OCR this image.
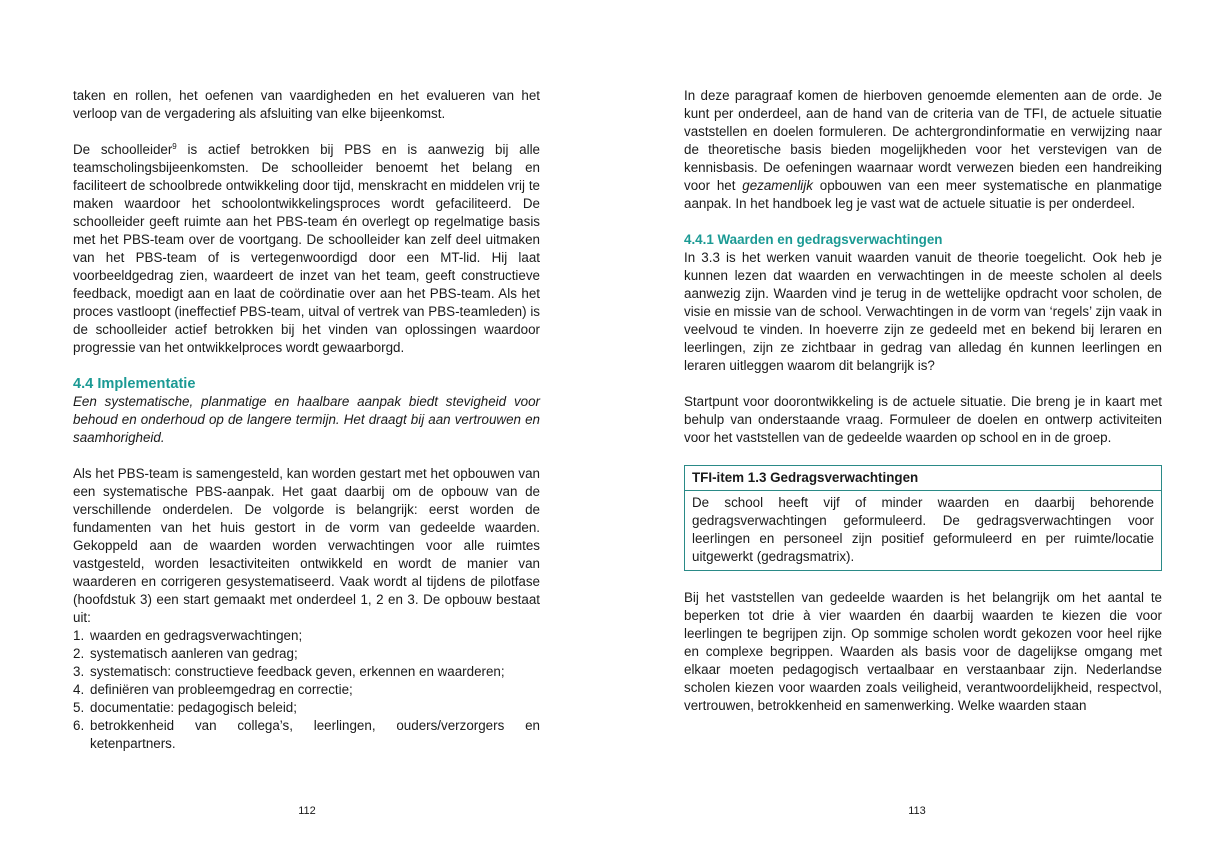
taken en rollen, het oefenen van vaardigheden en het evalueren van het verloop van de vergadering als afsluiting van elke bijeenkomst.

De schoolleider$^9$ is actief betrokken bij PBS en is aanwezig bij alle teamscholingsbijeenkomsten. De schoolleider benoemt het belang en faciliteert de schoolbrede ontwikkeling door tijd, menskracht en middelen vrij te maken waardoor het schoolontwikkelingsproces wordt gefaciliteerd. De schoolleider geeft ruimte aan het PBS-team én overlegt op regelmatige basis met het PBS-team over de voortgang. De schoolleider kan zelf deel uitmaken van het PBS-team of is vertegenwoordigd door een MT-lid. Hij laat voorbeeldgedrag zien, waardeert de inzet van het team, geeft constructieve feedback, moedigt aan en laat de coördinatie over aan het PBS-team. Als het proces vastloopt (ineffectief PBS-team, uitval of vertrek van PBS-teamleden) is de schoolleider actief betrokken bij het vinden van oplossingen waardoor progressie van het ontwikkelproces wordt gewaarborgd.

4.4 Implementatie

Een systematische, planmatige en haalbare aanpak biedt stevigheid voor behoud en onderhoud op de langere termijn. Het draagt bij aan vertrouwen en saamhorigheid.

Als het PBS-team is samengesteld, kan worden gestart met het opbouwen van een systematische PBS-aanpak. Het gaat daarbij om de opbouw van de verschillende onderdelen. De volgorde is belangrijk: eerst worden de fundamenten van het huis gestort in de vorm van gedeelde waarden. Gekoppeld aan de waarden worden verwachtingen voor alle ruimtes vastgesteld, worden lesactiviteiten ontwikkeld en wordt de manier van waarderen en corrigeren gesystematiseerd. Vaak wordt al tijdens de pilotfase (hoofdstuk 3) een start gemaakt met onderdeel 1, 2 en 3. De opbouw bestaat uit:

1. waarden en gedragsverwachtingen;
2. systematisch aanleren van gedrag;
3. systematisch: constructieve feedback geven, erkennen en waarderen;
4. definiëren van probleemgedrag en correctie;
5. documentatie: pedagogisch beleid;
6. betrokkenheid van collega’s, leerlingen, ouders/verzorgers en ketenpartners.
112

In deze paragraaf komen de hierboven genoemde elementen aan de orde. Je kunt per onderdeel, aan de hand van de criteria van de TFI, de actuele situatie vaststellen en doelen formuleren. De achtergrondinformatie en verwijzing naar de theoretische basis bieden mogelijkheden voor het verstevigen van de kennisbasis. De oefeningen waarnaar wordt verwezen bieden een handreiking voor het gezamenlijk opbouwen van een meer systematische en planmatige aanpak. In het handboek leg je vast wat de actuele situatie is per onderdeel.

4.4.1 Waarden en gedragsverwachtingen

In 3.3 is het werken vanuit waarden vanuit de theorie toegelicht. Ook heb je kunnen lezen dat waarden en verwachtingen in de meeste scholen al deels aanwezig zijn. Waarden vind je terug in de wettelijke opdracht voor scholen, de visie en missie van de school. Verwachtingen in de vorm van ‘regels’ zijn vaak in veelvoud te vinden. In hoeverre zijn ze gedeeld met en bekend bij leraren en leerlingen, zijn ze zichtbaar in gedrag van alledag én kunnen leerlingen en leraren uitleggen waarom dit belangrijk is?

Startpunt voor doorontwikkeling is de actuele situatie. Die breng je in kaart met behulp van onderstaande vraag. Formuleer de doelen en ontwerp activiteiten voor het vaststellen van de gedeelde waarden op school en in de groep.

TFI-item 1.3 Gedragsverwachtingen
De school heeft vijf of minder waarden en daarbij behorende gedragsverwachtingen geformuleerd. De gedragsverwachtingen voor leerlingen en personeel zijn positief geformuleerd en per ruimte/locatie uitgewerkt (gedragsmatrix).

Bij het vaststellen van gedeelde waarden is het belangrijk om het aantal te beperken tot drie à vier waarden én daarbij waarden te kiezen die voor leerlingen te begrijpen zijn. Op sommige scholen wordt gekozen voor heel rijke en complexe begrippen. Waarden als basis voor de dagelijkse omgang met elkaar moeten pedagogisch vertaalbaar en verstaanbaar zijn. Nederlandse scholen kiezen voor waarden zoals veiligheid, verantwoordelijkheid, respectvol, vertrouwen, betrokkenheid en samenwerking. Welke waarden staan

113
